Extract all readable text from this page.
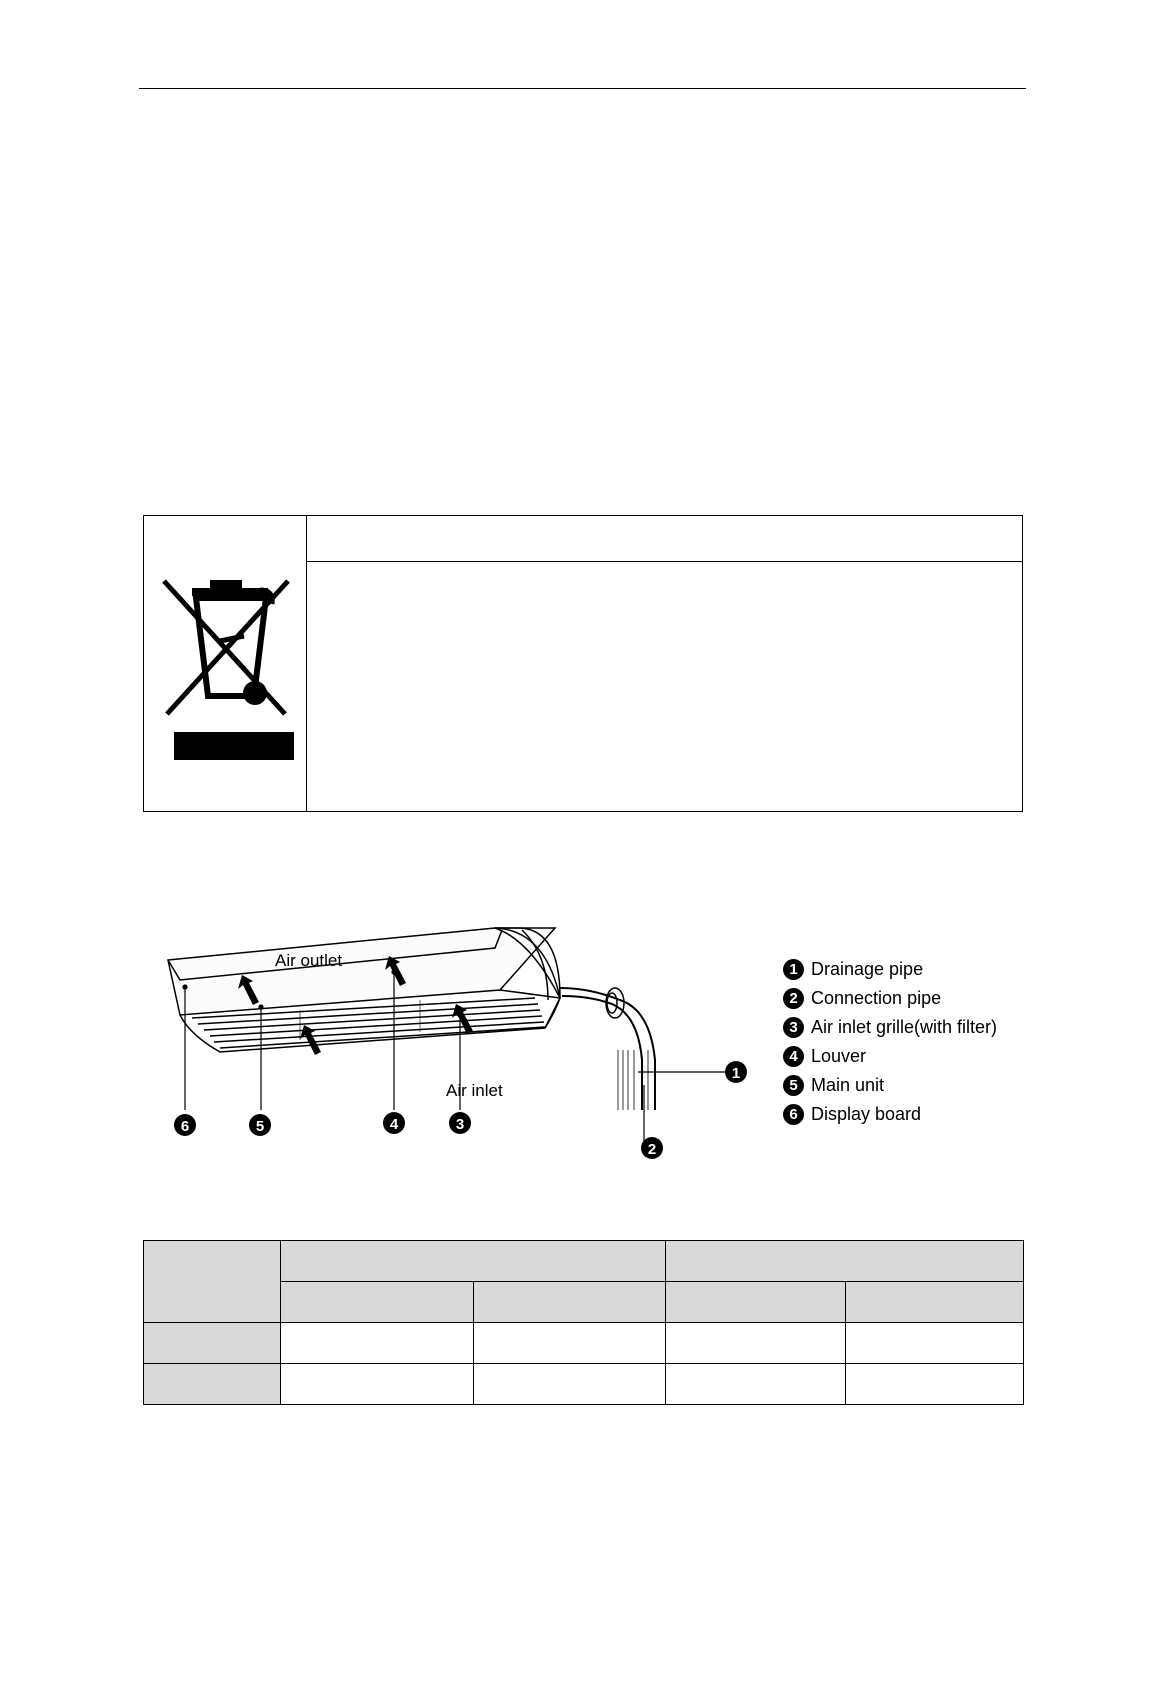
Air outlet
Air inlet
6	5	4	3
1
2
1 Drainage pipe
2 Connection pipe
3 Air inlet grille(with filter)
4 Louver
5 Main unit
6 Display board
